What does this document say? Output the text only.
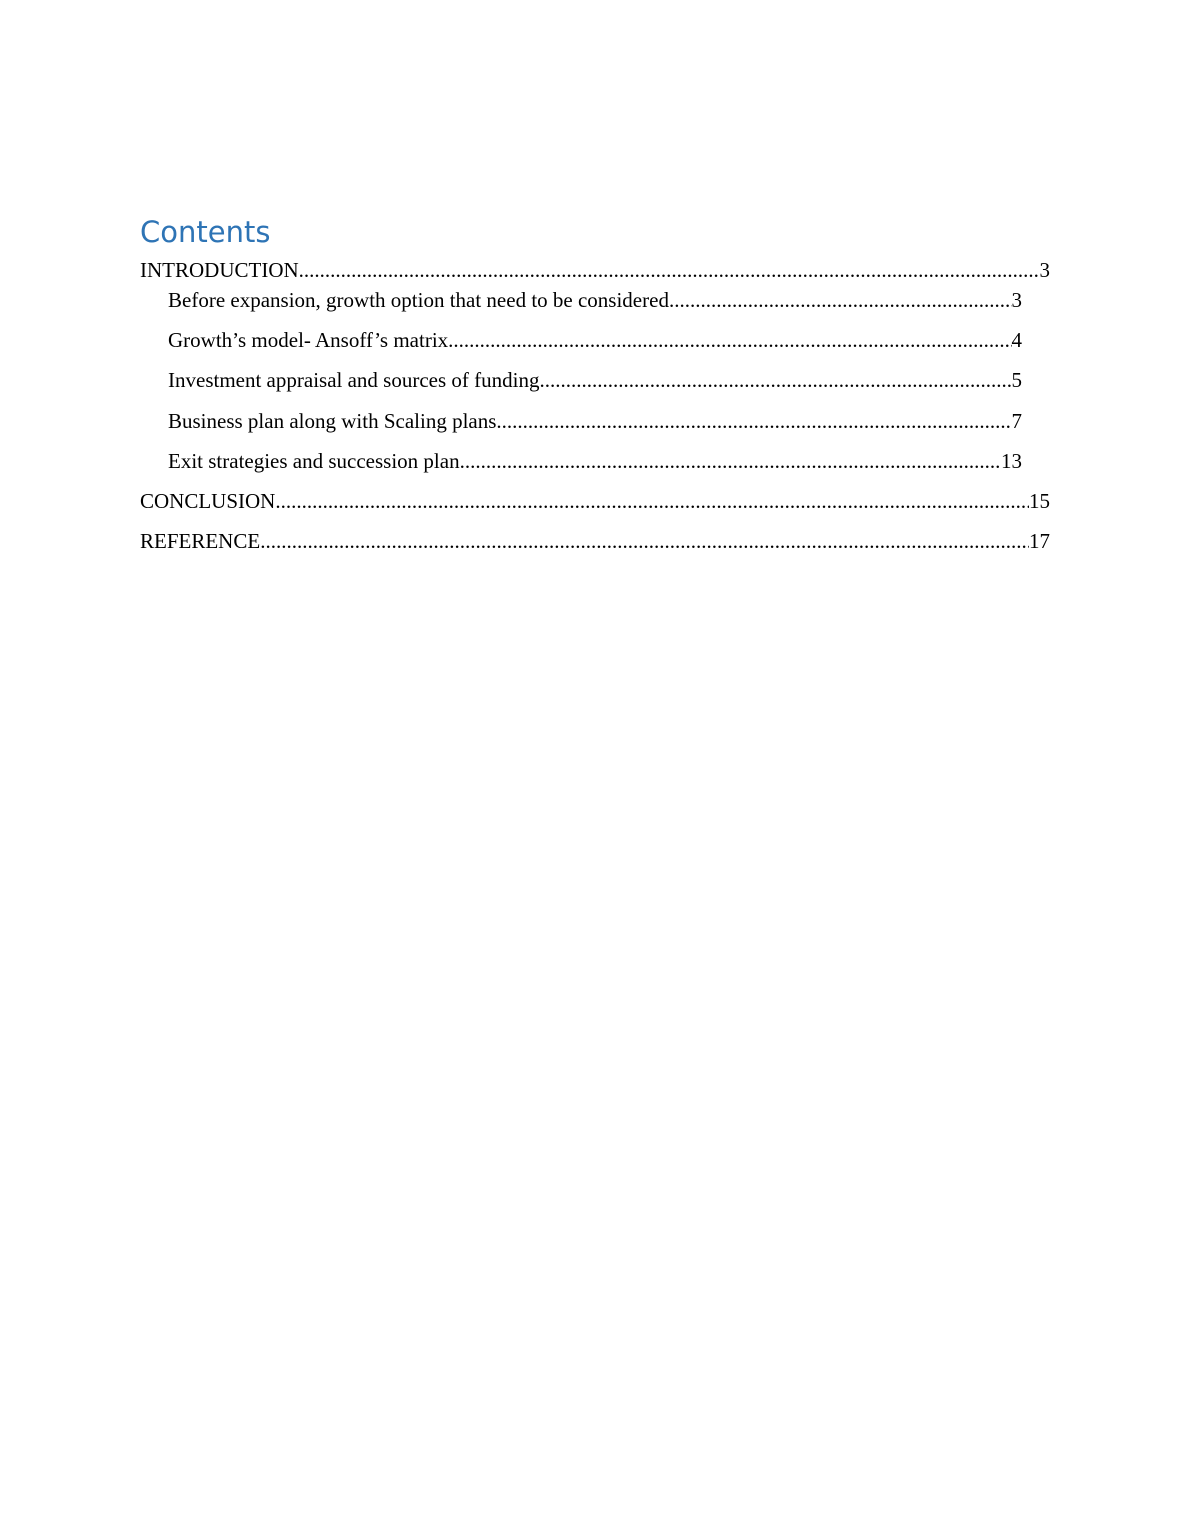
Contents
INTRODUCTION .....	3
Before expansion, growth option that need to be considered .....	3
Growth’s model- Ansoff’s matrix .....	4
Investment appraisal and sources of funding .....	5
Business plan along with Scaling plans .....	7
Exit strategies and succession plan .....	13
CONCLUSION .....	15
REFERENCE .....	17
